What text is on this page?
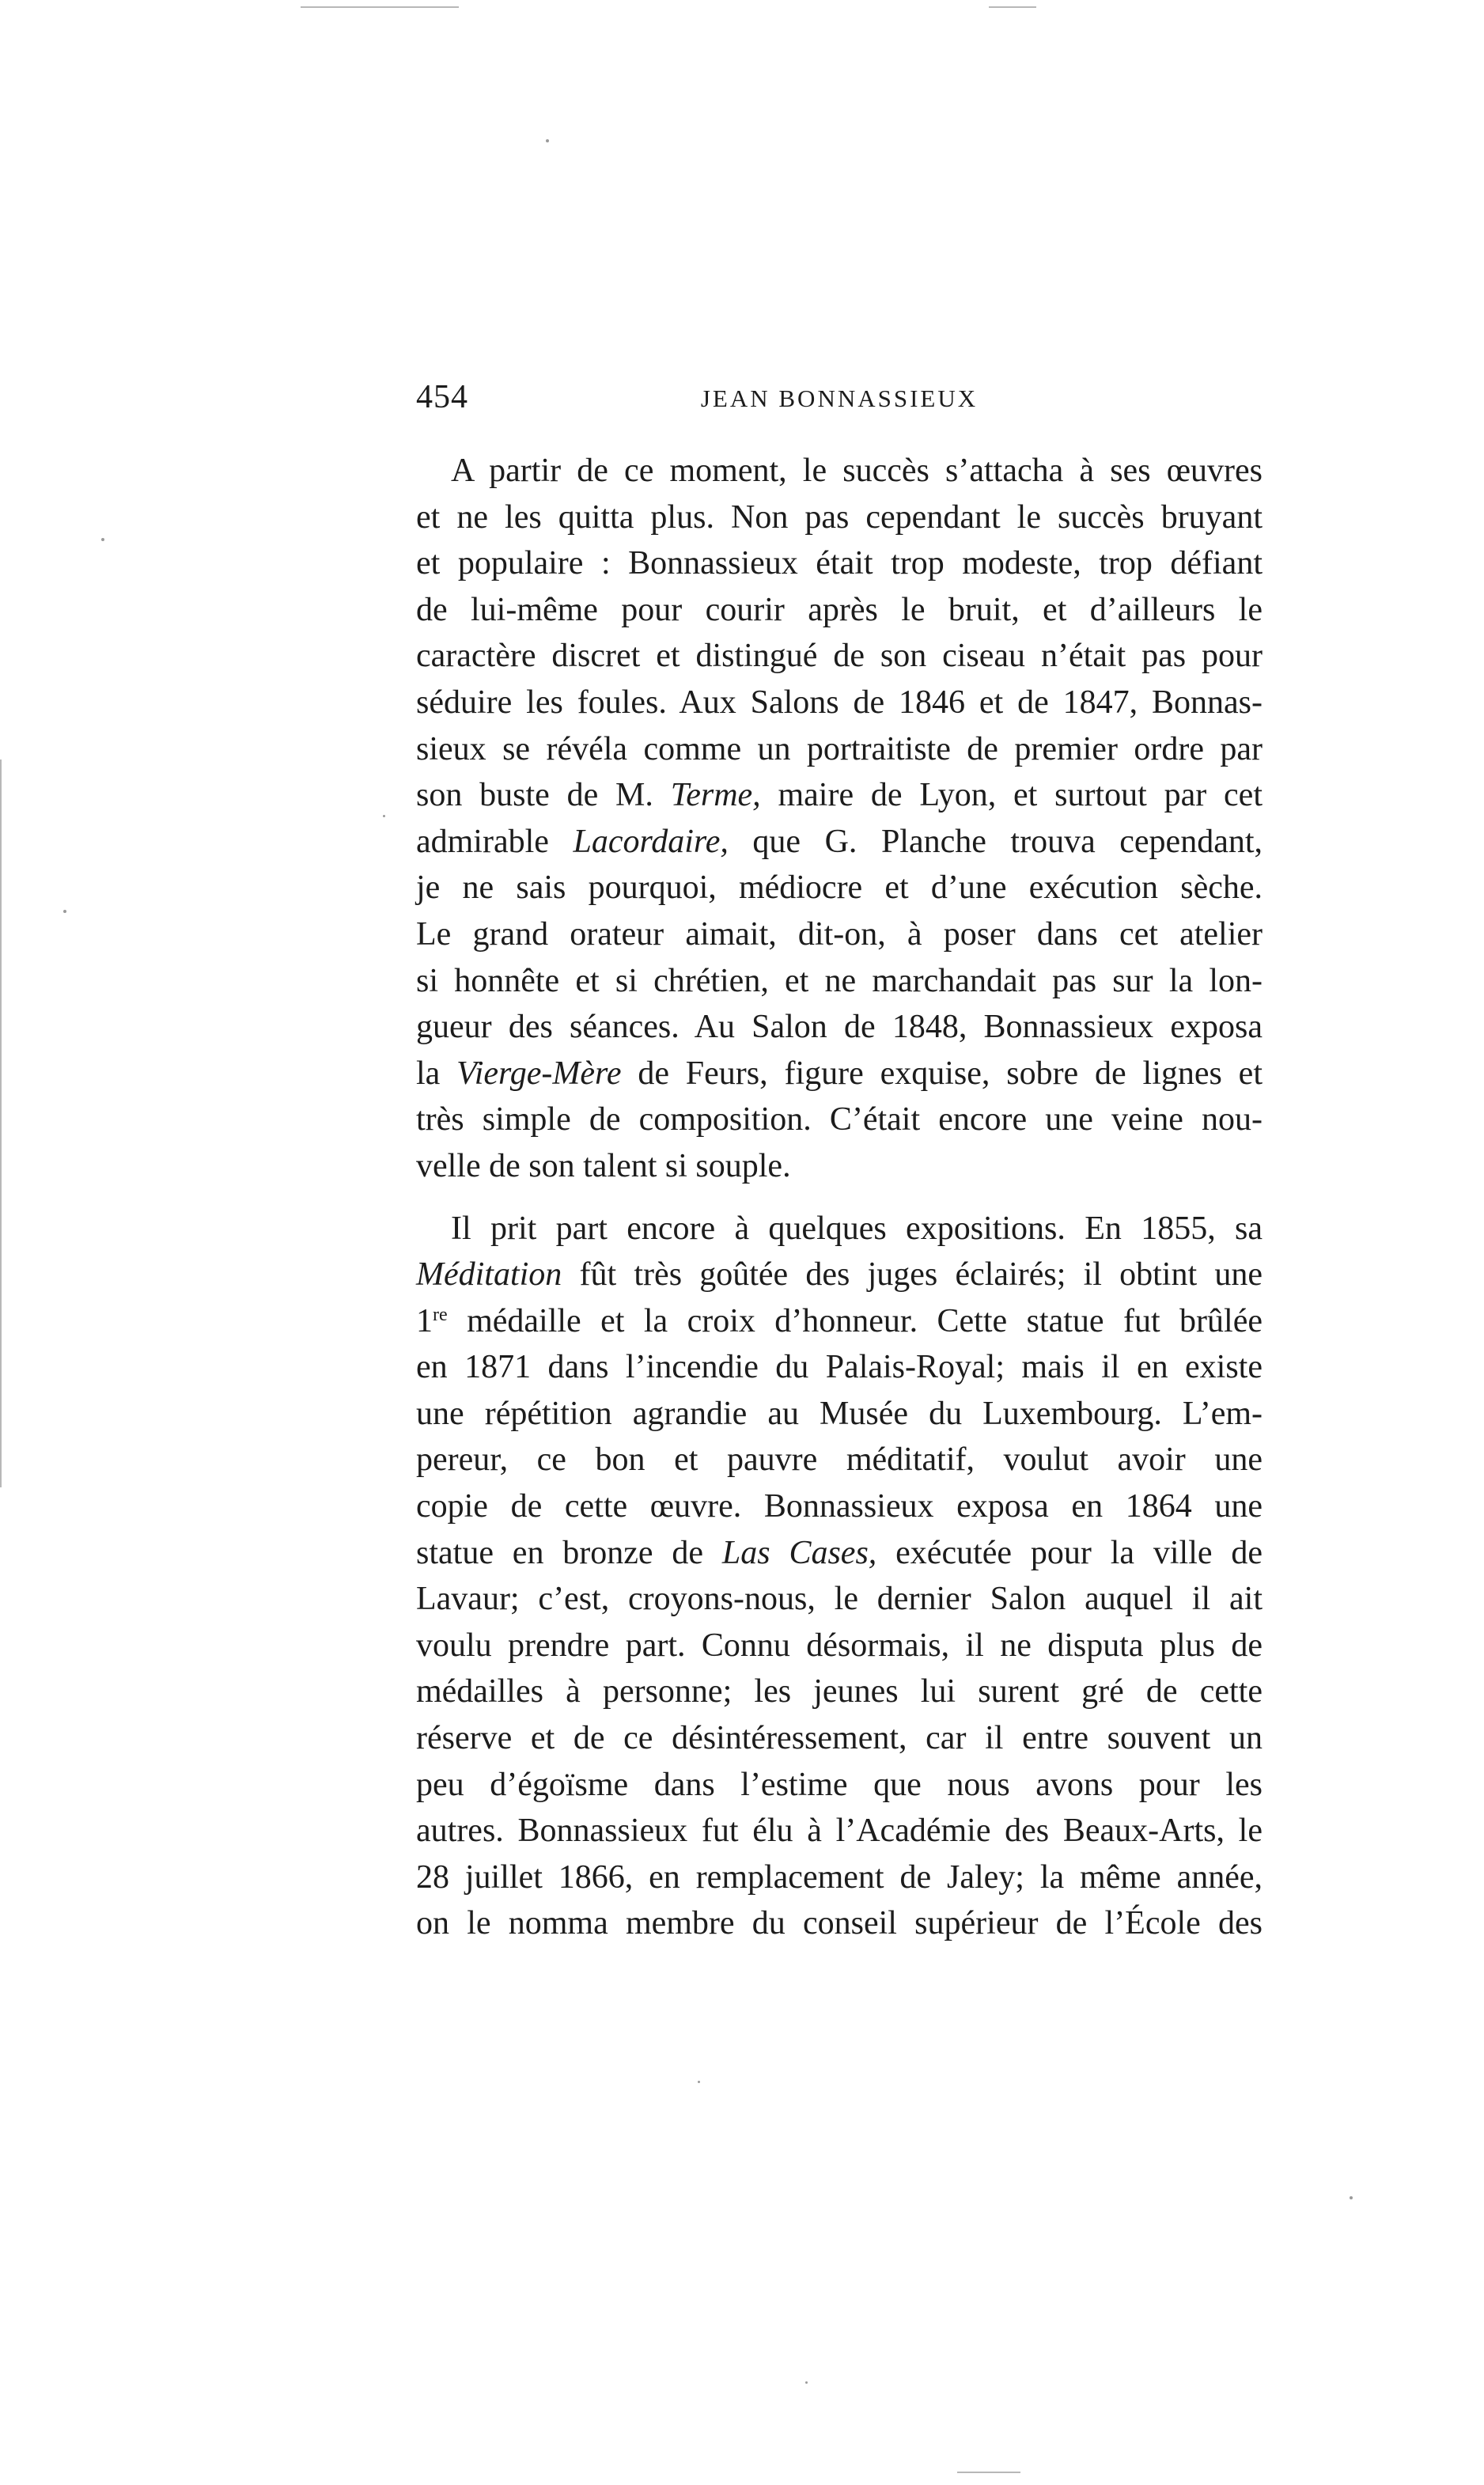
454	JEAN BONNASSIEUX
A partir de ce moment, le succès s’attacha à ses œuvres
et ne les quitta plus. Non pas cependant le succès bruyant
et populaire : Bonnassieux était trop modeste, trop défiant
de lui-même pour courir après le bruit, et d’ailleurs le
caractère discret et distingué de son ciseau n’était pas pour
séduire les foules. Aux Salons de 1846 et de 1847, Bonnas-
sieux se révéla comme un portraitiste de premier ordre par
son buste de M. Terme, maire de Lyon, et surtout par cet
admirable Lacordaire, que G. Planche trouva cependant,
je ne sais pourquoi, médiocre et d’une exécution sèche.
Le grand orateur aimait, dit-on, à poser dans cet atelier
si honnête et si chrétien, et ne marchandait pas sur la lon-
gueur des séances. Au Salon de 1848, Bonnassieux exposa
la Vierge-Mère de Feurs, figure exquise, sobre de lignes et
très simple de composition. C’était encore une veine nou-
velle de son talent si souple.
Il prit part encore à quelques expositions. En 1855, sa
Méditation fût très goûtée des juges éclairés; il obtint une
1re médaille et la croix d’honneur. Cette statue fut brûlée
en 1871 dans l’incendie du Palais-Royal; mais il en existe
une répétition agrandie au Musée du Luxembourg. L’em-
pereur, ce bon et pauvre méditatif, voulut avoir une
copie de cette œuvre. Bonnassieux exposa en 1864 une
statue en bronze de Las Cases, exécutée pour la ville de
Lavaur; c’est, croyons-nous, le dernier Salon auquel il ait
voulu prendre part. Connu désormais, il ne disputa plus de
médailles à personne; les jeunes lui surent gré de cette
réserve et de ce désintéressement, car il entre souvent un
peu d’égoïsme dans l’estime que nous avons pour les
autres. Bonnassieux fut élu à l’Académie des Beaux-Arts, le
28 juillet 1866, en remplacement de Jaley; la même année,
on le nomma membre du conseil supérieur de l’École des
